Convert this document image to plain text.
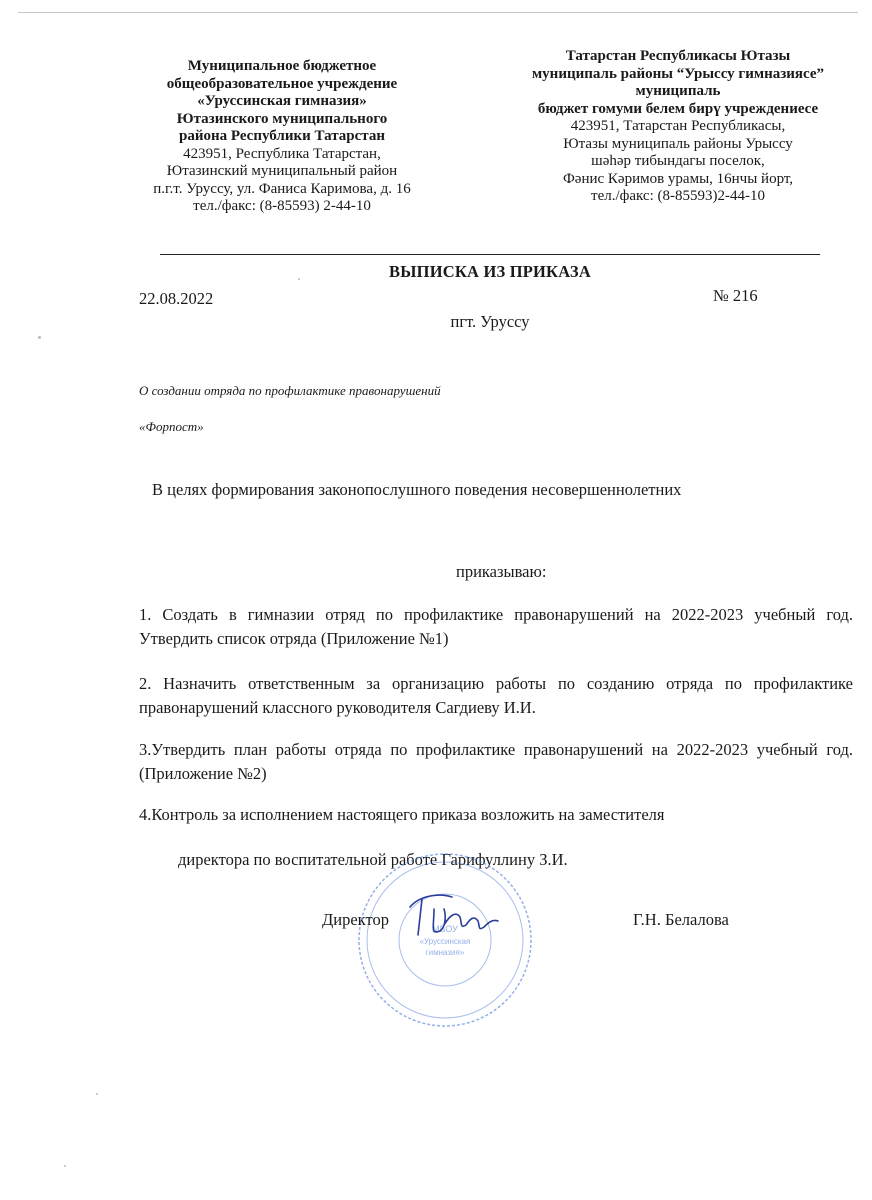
Муниципальное бюджетное
общеобразовательное учреждение
«Уруссинская гимназия»
Ютазинского муниципального
района Республики Татарстан
423951, Республика Татарстан,
Ютазинский муниципальный район
п.г.т. Уруссу, ул. Фаниса Каримова, д. 16
тел./факс: (8-85593) 2-44-10
Татарстан Республикасы Ютазы
муниципаль районы “Урыссу гимназиясе”
муниципаль
бюджет гомуми белем бирү учреждениесе
423951, Татарстан Республикасы,
Ютазы муниципаль районы Урыссу
шәһәр тибындагы поселок,
Фәнис Кәримов урамы, 16нчы йорт,
тел./факс: (8-85593)2-44-10
ВЫПИСКА ИЗ ПРИКАЗА
22.08.2022	№ 216
пгт. Уруссу
О создании отряда по профилактике правонарушений
«Форпост»
В целях формирования законопослушного поведения несовершеннолетних
приказываю:
1. Создать в гимназии отряд по профилактике правонарушений на 2022-2023 учебный год. Утвердить список отряда (Приложение №1)
2. Назначить ответственным за организацию работы по созданию отряда по профилактике правонарушений классного руководителя Сагдиеву И.И.
3.Утвердить план работы отряда по профилактике правонарушений на 2022-2023 учебный год. (Приложение №2)
4.Контроль за исполнением настоящего приказа возложить на заместителя
директора по воспитательной работе Гарифуллину З.И.
МБОУ
«Уруссинская
гимназия»
Директор	Г.Н. Белалова
